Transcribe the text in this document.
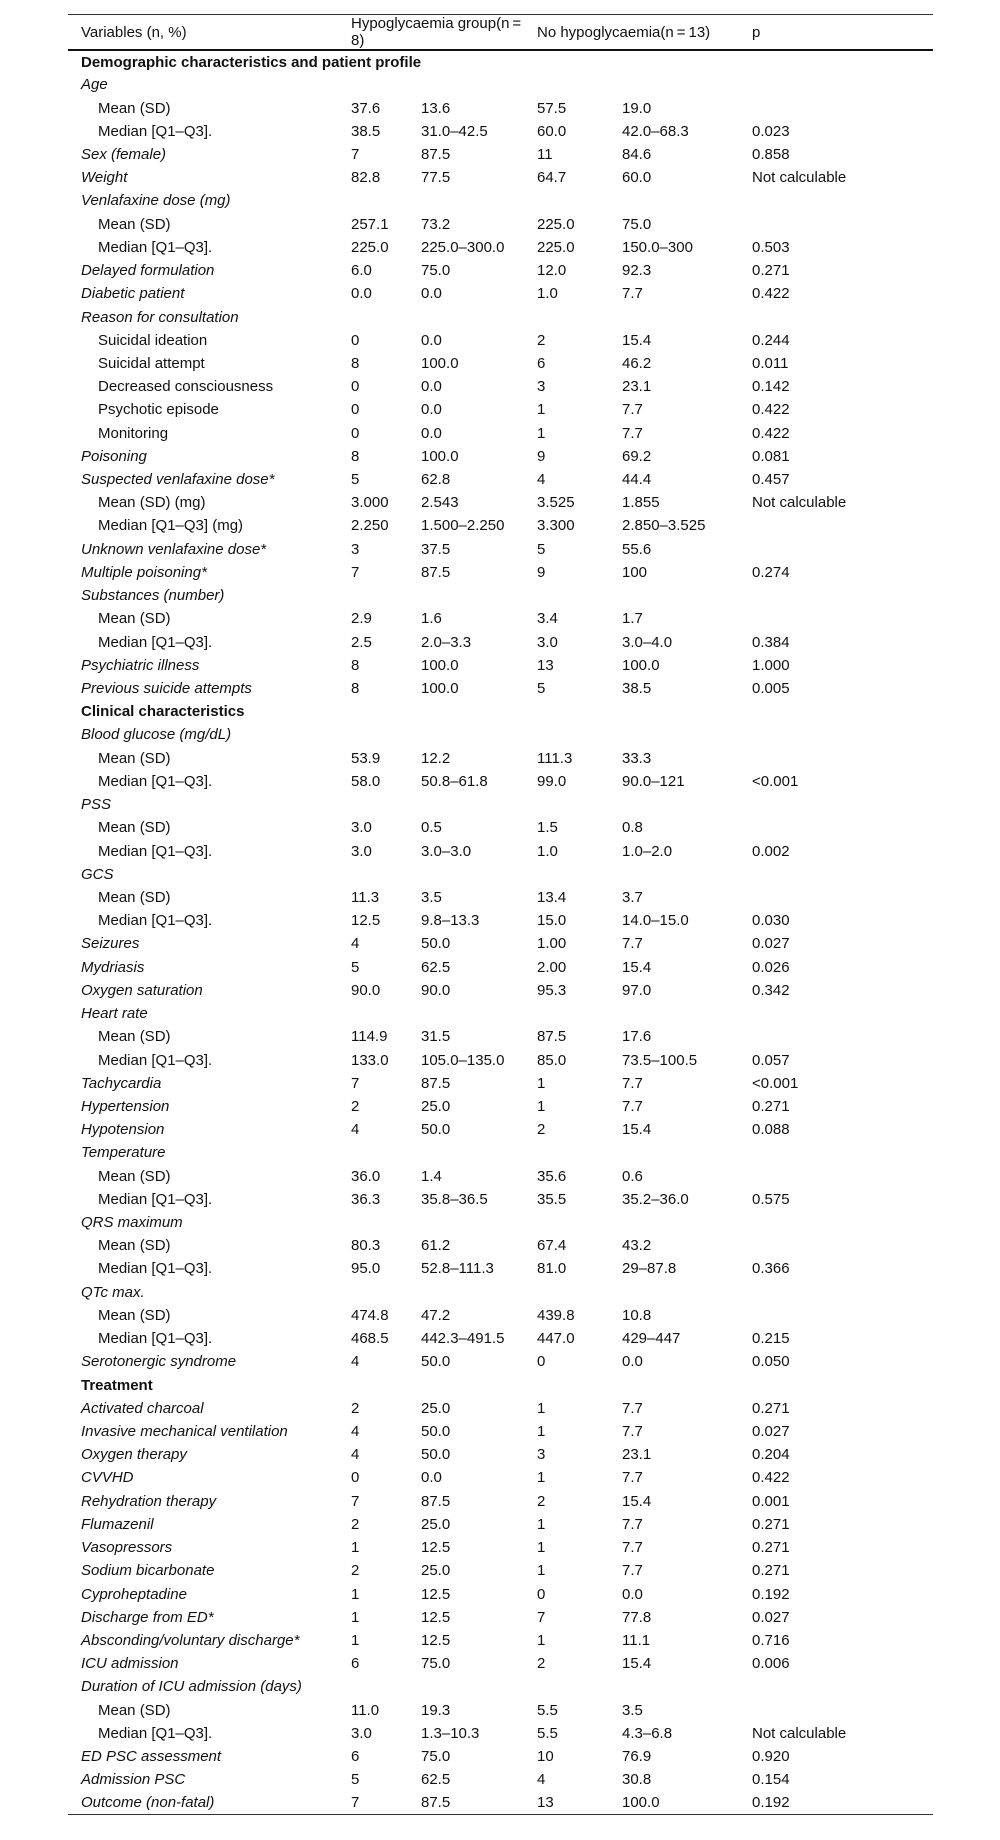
Variables (n, %)	Hypoglycaemia group(n = 8)		No hypoglycaemia(n = 13)		p
Demographic characteristics and patient profile					
Age					
Mean (SD)	37.6	13.6	57.5	19.0	
Median [Q1–Q3].	38.5	31.0–42.5	60.0	42.0–68.3	0.023
Sex (female)	7	87.5	11	84.6	0.858
Weight	82.8	77.5	64.7	60.0	Not calculable
Venlafaxine dose (mg)					
Mean (SD)	257.1	73.2	225.0	75.0	
Median [Q1–Q3].	225.0	225.0–300.0	225.0	150.0–300	0.503
Delayed formulation	6.0	75.0	12.0	92.3	0.271
Diabetic patient	0.0	0.0	1.0	7.7	0.422
Reason for consultation					
Suicidal ideation	0	0.0	2	15.4	0.244
Suicidal attempt	8	100.0	6	46.2	0.011
Decreased consciousness	0	0.0	3	23.1	0.142
Psychotic episode	0	0.0	1	7.7	0.422
Monitoring	0	0.0	1	7.7	0.422
Poisoning	8	100.0	9	69.2	0.081
Suspected venlafaxine dose*	5	62.8	4	44.4	0.457
Mean (SD) (mg)	3.000	2.543	3.525	1.855	Not calculable
Median [Q1–Q3] (mg)	2.250	1.500–2.250	3.300	2.850–3.525	
Unknown venlafaxine dose*	3	37.5	5	55.6	
Multiple poisoning*	7	87.5	9	100	0.274
Substances (number)					
Mean (SD)	2.9	1.6	3.4	1.7	
Median [Q1–Q3].	2.5	2.0–3.3	3.0	3.0–4.0	0.384
Psychiatric illness	8	100.0	13	100.0	1.000
Previous suicide attempts	8	100.0	5	38.5	0.005
Clinical characteristics					
Blood glucose (mg/dL)					
Mean (SD)	53.9	12.2	111.3	33.3	
Median [Q1–Q3].	58.0	50.8–61.8	99.0	90.0–121	<0.001
PSS					
Mean (SD)	3.0	0.5	1.5	0.8	
Median [Q1–Q3].	3.0	3.0–3.0	1.0	1.0–2.0	0.002
GCS					
Mean (SD)	11.3	3.5	13.4	3.7	
Median [Q1–Q3].	12.5	9.8–13.3	15.0	14.0–15.0	0.030
Seizures	4	50.0	1.00	7.7	0.027
Mydriasis	5	62.5	2.00	15.4	0.026
Oxygen saturation	90.0	90.0	95.3	97.0	0.342
Heart rate					
Mean (SD)	114.9	31.5	87.5	17.6	
Median [Q1–Q3].	133.0	105.0–135.0	85.0	73.5–100.5	0.057
Tachycardia	7	87.5	1	7.7	<0.001
Hypertension	2	25.0	1	7.7	0.271
Hypotension	4	50.0	2	15.4	0.088
Temperature					
Mean (SD)	36.0	1.4	35.6	0.6	
Median [Q1–Q3].	36.3	35.8–36.5	35.5	35.2–36.0	0.575
QRS maximum					
Mean (SD)	80.3	61.2	67.4	43.2	
Median [Q1–Q3].	95.0	52.8–111.3	81.0	29–87.8	0.366
QTc max.					
Mean (SD)	474.8	47.2	439.8	10.8	
Median [Q1–Q3].	468.5	442.3–491.5	447.0	429–447	0.215
Serotonergic syndrome	4	50.0	0	0.0	0.050
Treatment					
Activated charcoal	2	25.0	1	7.7	0.271
Invasive mechanical ventilation	4	50.0	1	7.7	0.027
Oxygen therapy	4	50.0	3	23.1	0.204
CVVHD	0	0.0	1	7.7	0.422
Rehydration therapy	7	87.5	2	15.4	0.001
Flumazenil	2	25.0	1	7.7	0.271
Vasopressors	1	12.5	1	7.7	0.271
Sodium bicarbonate	2	25.0	1	7.7	0.271
Cyproheptadine	1	12.5	0	0.0	0.192
Discharge from ED*	1	12.5	7	77.8	0.027
Absconding/voluntary discharge*	1	12.5	1	11.1	0.716
ICU admission	6	75.0	2	15.4	0.006
Duration of ICU admission (days)					
Mean (SD)	11.0	19.3	5.5	3.5	
Median [Q1–Q3].	3.0	1.3–10.3	5.5	4.3–6.8	Not calculable
ED PSC assessment	6	75.0	10	76.9	0.920
Admission PSC	5	62.5	4	30.8	0.154
Outcome (non-fatal)	7	87.5	13	100.0	0.192
